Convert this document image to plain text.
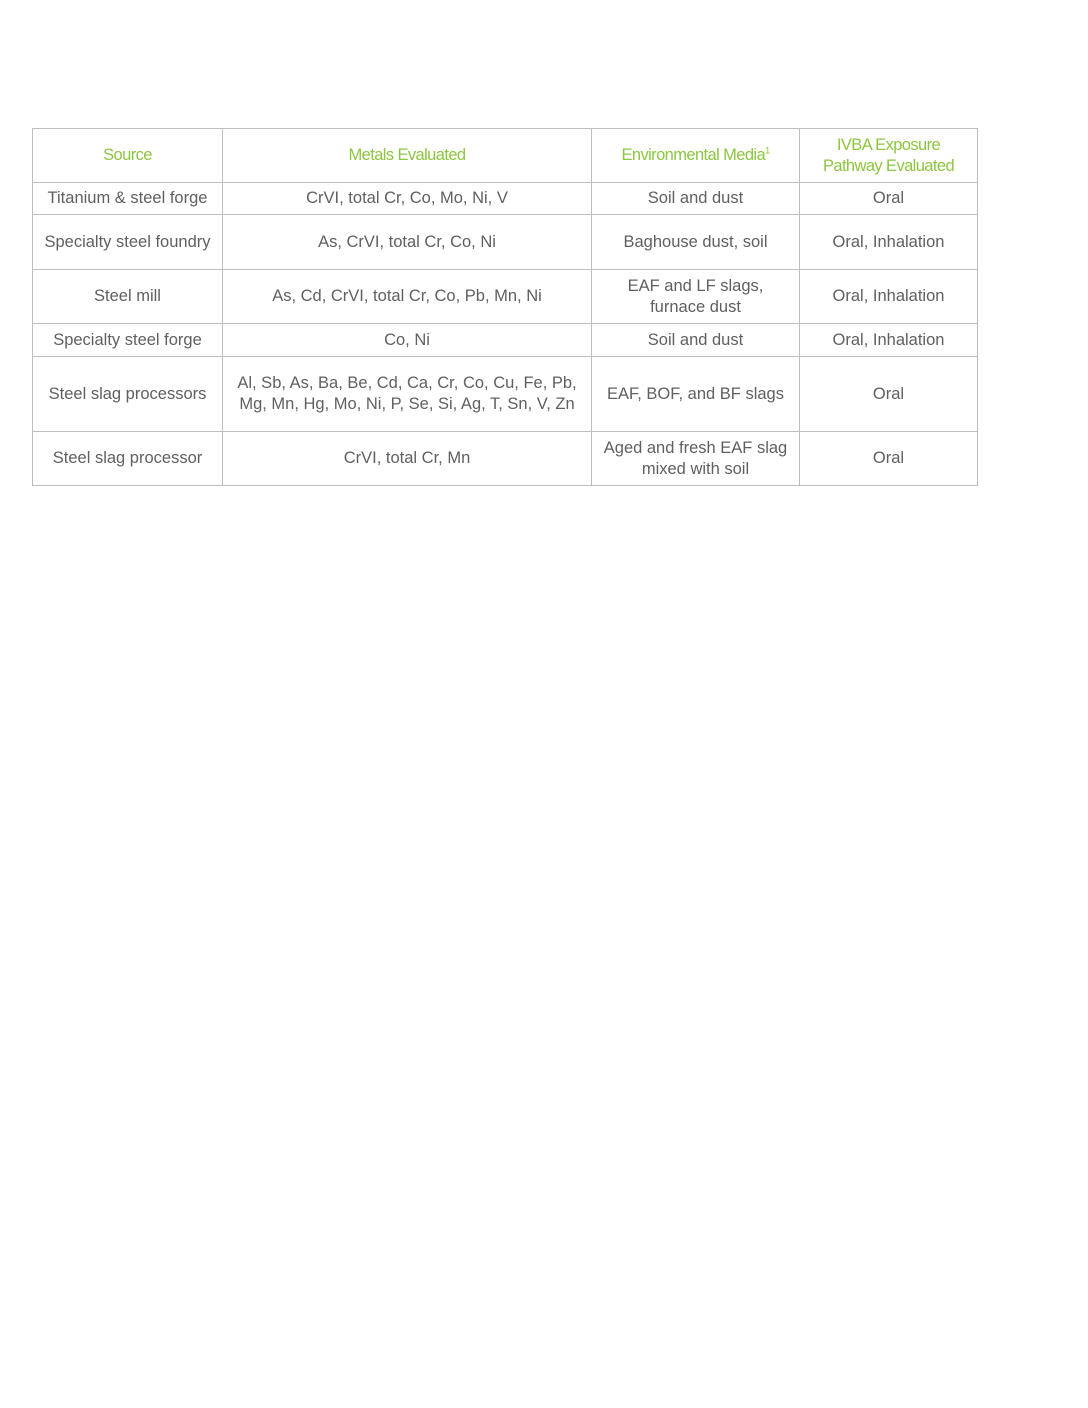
Source	Metals Evaluated	Environmental Media$^1$	IVBA Exposure Pathway Evaluated
Titanium & steel forge	CrVI, total Cr, Co, Mo, Ni, V	Soil and dust	Oral
Specialty steel foundry	As, CrVI, total Cr, Co, Ni	Baghouse dust, soil	Oral, Inhalation
Steel mill	As, Cd, CrVI, total Cr, Co, Pb, Mn, Ni	EAF and LF slags, furnace dust	Oral, Inhalation
Specialty steel forge	Co, Ni	Soil and dust	Oral, Inhalation
Steel slag processors	Al, Sb, As, Ba, Be, Cd, Ca, Cr, Co, Cu, Fe, Pb, Mg, Mn, Hg, Mo, Ni, P, Se, Si, Ag, T, Sn, V, Zn	EAF, BOF, and BF slags	Oral
Steel slag processor	CrVI, total Cr, Mn	Aged and fresh EAF slag mixed with soil	Oral
